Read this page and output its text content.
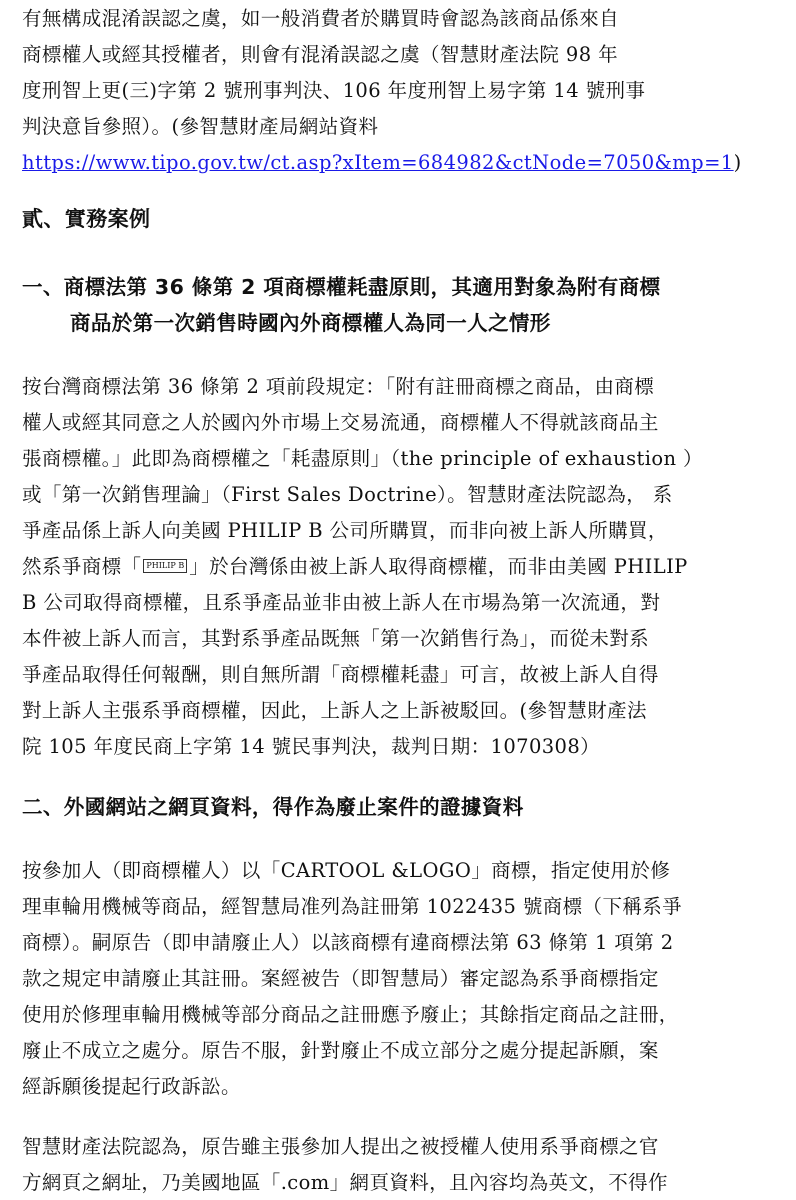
有無構成混淆誤認之虞，如一般消費者於購買時會認為該商品係來自
商標權人或經其授權者，則會有混淆誤認之虞（智慧財產法院 98 年
度刑智上更(三)字第 2 號刑事判決、106 年度刑智上易字第 14 號刑事
判決意旨參照）。(參智慧財產局網站資料
https://www.tipo.gov.tw/ct.asp?xItem=684982&ctNode=7050&mp=1)
貳、實務案例
一、商標法第 36 條第 2 項商標權耗盡原則，其適用對象為附有商標
商品於第一次銷售時國內外商標權人為同一人之情形
按台灣商標法第 36 條第 2 項前段規定：「附有註冊商標之商品，由商標
權人或經其同意之人於國內外市場上交易流通，商標權人不得就該商品主
張商標權。」此即為商標權之「耗盡原則」（the principle of exhaustion ）
或「第一次銷售理論」（First Sales Doctrine）。智慧財產法院認為， 系
爭產品係上訴人向美國 PHILIP B 公司所購買，而非向被上訴人所購買，
然系爭商標「 PHILIP B 」於台灣係由被上訴人取得商標權，而非由美國 PHILIP
B 公司取得商標權，且系爭產品並非由被上訴人在市場為第一次流通，對
本件被上訴人而言，其對系爭產品既無「第一次銷售行為」，而從未對系
爭產品取得任何報酬，則自無所謂「商標權耗盡」可言，故被上訴人自得
對上訴人主張系爭商標權，因此，上訴人之上訴被駁回。(參智慧財產法
院 105 年度民商上字第 14 號民事判決，裁判日期：1070308）
二、外國網站之網頁資料，得作為廢止案件的證據資料
按參加人（即商標權人）以「CARTOOL &LOGO」商標，指定使用於修
理車輪用機械等商品，經智慧局准列為註冊第 1022435 號商標（下稱系爭
商標）。嗣原告（即申請廢止人）以該商標有違商標法第 63 條第 1 項第 2
款之規定申請廢止其註冊。案經被告（即智慧局）審定認為系爭商標指定
使用於修理車輪用機械等部分商品之註冊應予廢止；其餘指定商品之註冊，
廢止不成立之處分。原告不服，針對廢止不成立部分之處分提起訴願，案
經訴願後提起行政訴訟。
智慧財產法院認為，原告雖主張參加人提出之被授權人使用系爭商標之官
方網頁之網址，乃美國地區「.com」網頁資料，且內容均為英文，不得作
